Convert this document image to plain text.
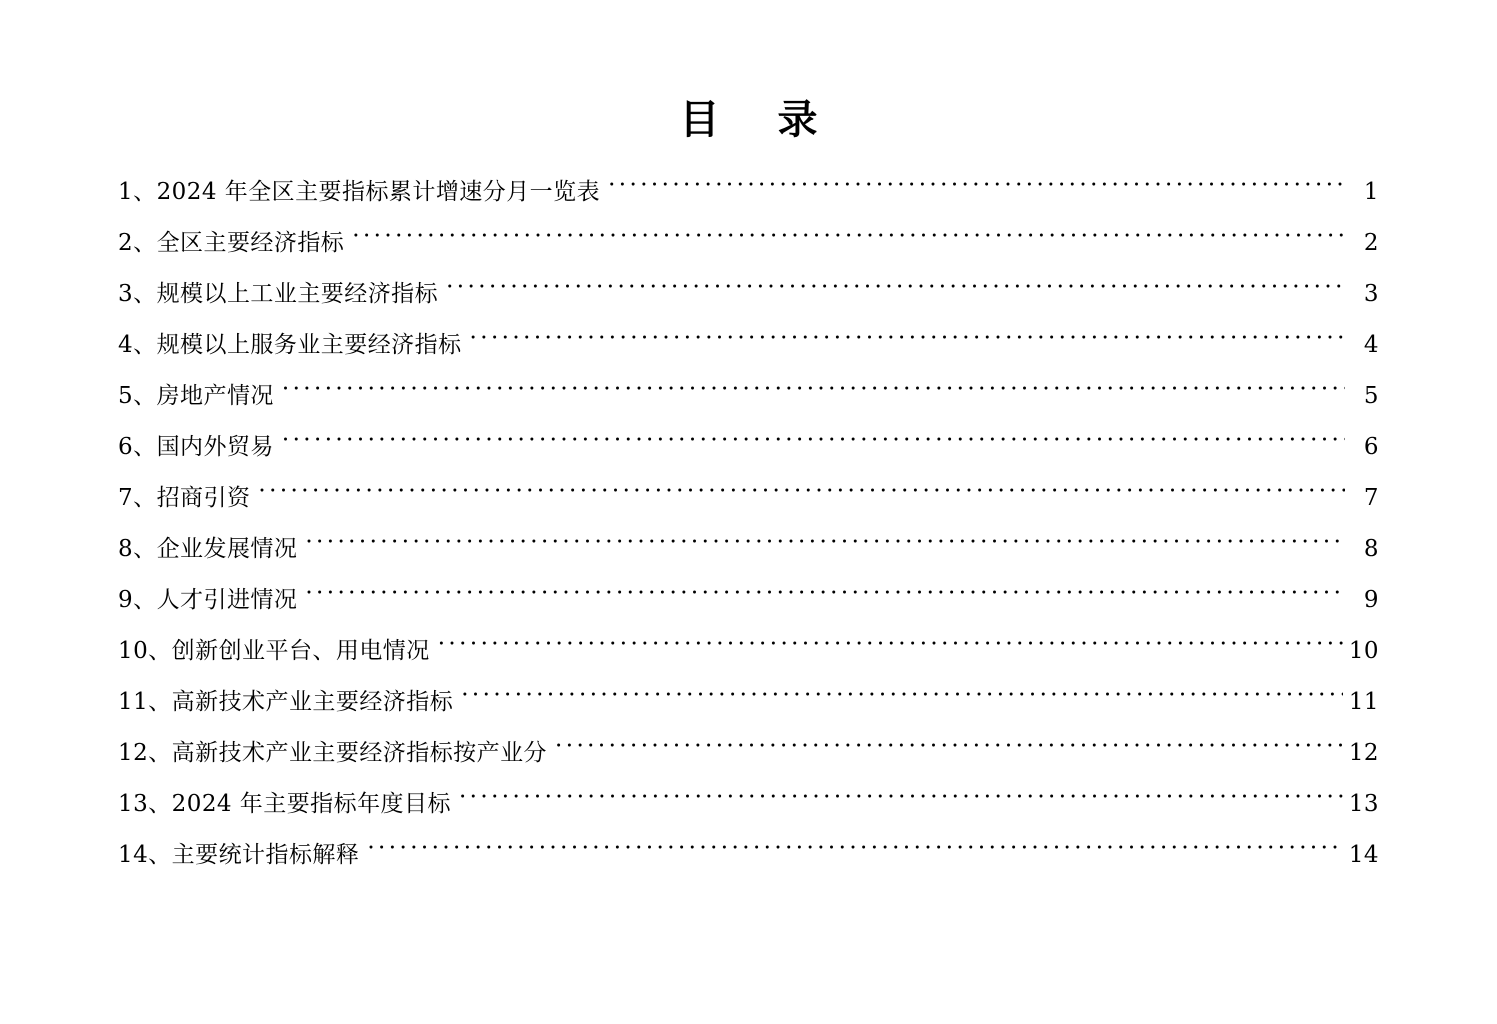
目 录
1、 2024 年全区主要指标累计增速分月一览表 ·····	1
2、 全区主要经济指标 ·····	2
3、 规模以上工业主要经济指标 ·····	3
4、 规模以上服务业主要经济指标 ·····	4
5、 房地产情况 ·····	5
6、 国内外贸易 ·····	6
7、 招商引资 ·····	7
8、 企业发展情况 ·····	8
9、 人才引进情况 ·····	9
10、 创新创业平台、用电情况 ·····	10
11、 高新技术产业主要经济指标 ·····	11
12、 高新技术产业主要经济指标按产业分 ·····	12
13、 2024 年主要指标年度目标 ·····	13
14、 主要统计指标解释 ·····	14
